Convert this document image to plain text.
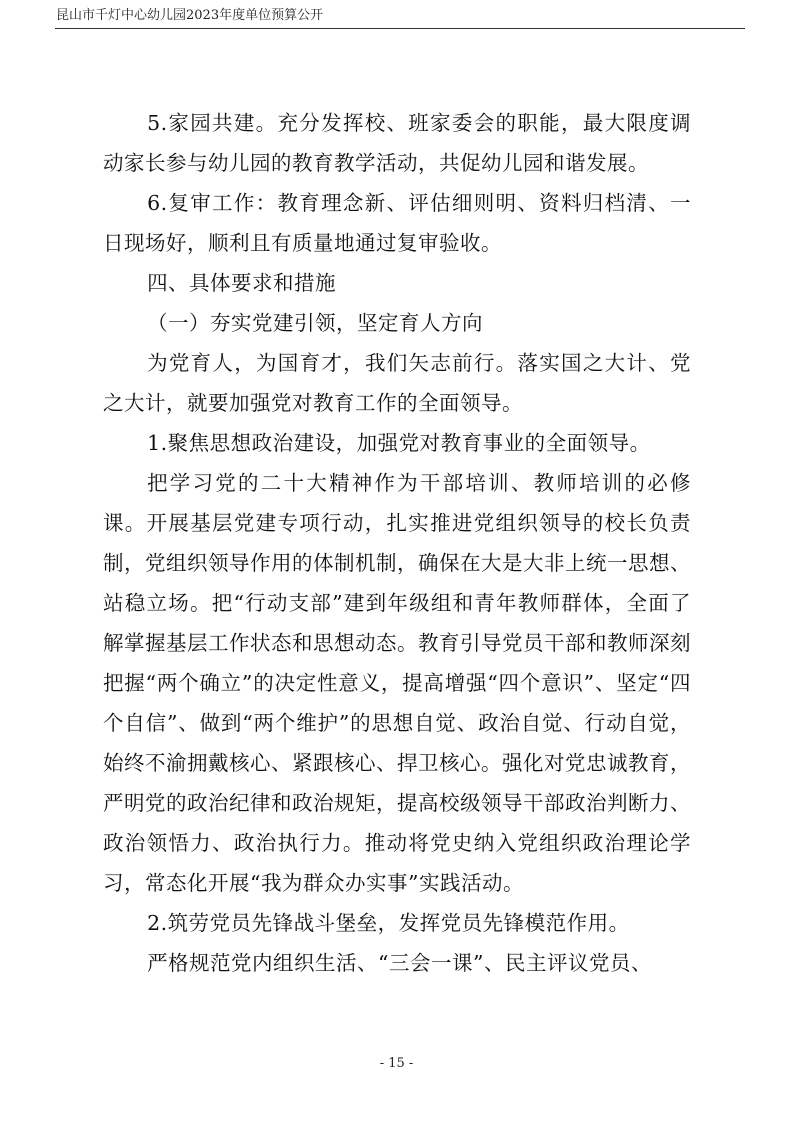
昆山市千灯中心幼儿园2023年度单位预算公开

5.家园共建。充分发挥校、班家委会的职能，最大限度调动家长参与幼儿园的教育教学活动，共促幼儿园和谐发展。

6.复审工作：教育理念新、评估细则明、资料归档清、一日现场好，顺利且有质量地通过复审验收。

四、具体要求和措施

（一）夯实党建引领，坚定育人方向

为党育人，为国育才，我们矢志前行。落实国之大计、党之大计，就要加强党对教育工作的全面领导。

1.聚焦思想政治建设，加强党对教育事业的全面领导。

把学习党的二十大精神作为干部培训、教师培训的必修课。开展基层党建专项行动，扎实推进党组织领导的校长负责制，党组织领导作用的体制机制，确保在大是大非上统一思想、站稳立场。把“行动支部”建到年级组和青年教师群体，全面了解掌握基层工作状态和思想动态。教育引导党员干部和教师深刻把握“两个确立”的决定性意义，提高增强“四个意识”、坚定“四个自信”、做到“两个维护”的思想自觉、政治自觉、行动自觉，始终不渝拥戴核心、紧跟核心、捍卫核心。强化对党忠诚教育，严明党的政治纪律和政治规矩，提高校级领导干部政治判断力、政治领悟力、政治执行力。推动将党史纳入党组织政治理论学习，常态化开展“我为群众办实事”实践活动。

2.筑劳党员先锋战斗堡垒，发挥党员先锋模范作用。

严格规范党内组织生活、“三会一课”、民主评议党员、

- 15 -
